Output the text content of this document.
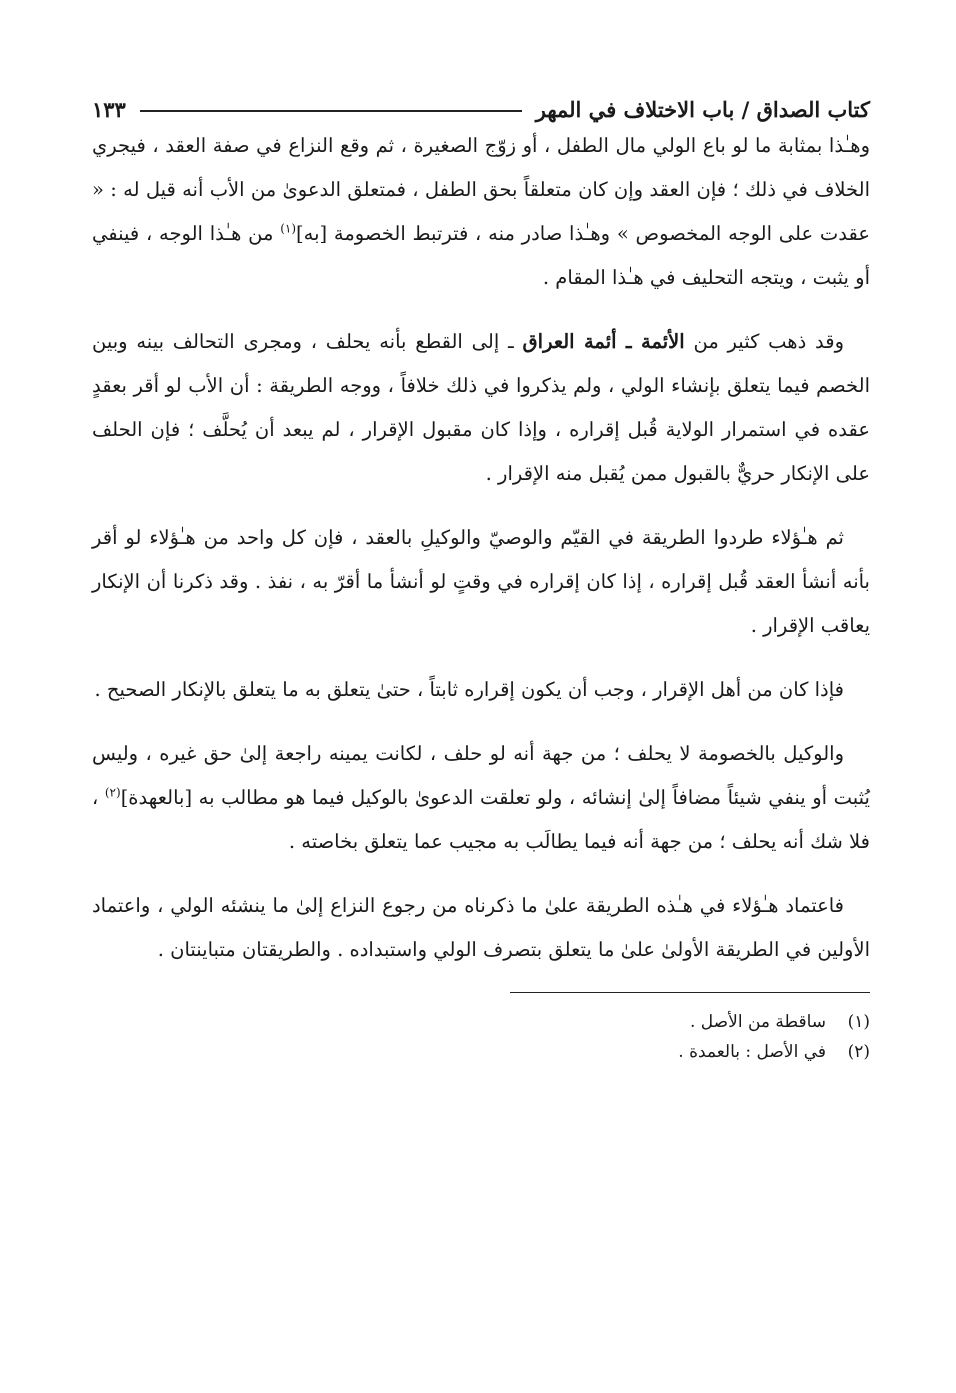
كتاب الصداق / باب الاختلاف في المهر
١٣٣

وهـٰذا بمثابة ما لو باع الولي مال الطفل ، أو زوّج الصغيرة ، ثم وقع النزاع في صفة العقد ، فيجري الخلاف في ذلك ؛ فإن العقد وإن كان متعلقاً بحق الطفل ، فمتعلق الدعوىٰ من الأب أنه قيل له : « عقدت على الوجه المخصوص » وهـٰذا صادر منه ، فترتبط الخصومة [به]$^{(١)}$ من هـٰذا الوجه ، فينفي أو يثبت ، ويتجه التحليف في هـٰذا المقام .

وقد ذهب كثير من الأئمة ـ أئمة العراق ـ إلى القطع بأنه يحلف ، ومجرى التحالف بينه وبين الخصم فيما يتعلق بإنشاء الولي ، ولم يذكروا في ذلك خلافاً ، ووجه الطريقة : أن الأب لو أقر بعقدٍ عقده في استمرار الولاية قُبل إقراره ، وإذا كان مقبول الإقرار ، لم يبعد أن يُحلَّف ؛ فإن الحلف على الإنكار حريٌّ بالقبول ممن يُقبل منه الإقرار .

ثم هـٰؤلاء طردوا الطريقة في القيّم والوصيّ والوكيلِ بالعقد ، فإن كل واحد من هـٰؤلاء لو أقر بأنه أنشأ العقد قُبل إقراره ، إذا كان إقراره في وقتٍ لو أنشأ ما أقرّ به ، نفذ . وقد ذكرنا أن الإنكار يعاقب الإقرار .

فإذا كان من أهل الإقرار ، وجب أن يكون إقراره ثابتاً ، حتىٰ يتعلق به ما يتعلق بالإنكار الصحيح .

والوكيل بالخصومة لا يحلف ؛ من جهة أنه لو حلف ، لكانت يمينه راجعة إلىٰ حق غيره ، وليس يُثبت أو ينفي شيئاً مضافاً إلىٰ إنشائه ، ولو تعلقت الدعوىٰ بالوكيل فيما هو مطالب به [بالعهدة]$^{(٢)}$ ، فلا شك أنه يحلف ؛ من جهة أنه فيما يطالَب به مجيب عما يتعلق بخاصته .

فاعتماد هـٰؤلاء في هـٰذه الطريقة علىٰ ما ذكرناه من رجوع النزاع إلىٰ ما ينشئه الولي ، واعتماد الأولين في الطريقة الأولىٰ علىٰ ما يتعلق بتصرف الولي واستبداده . والطريقتان متباينتان .

(١)
ساقطة من الأصل .
(٢)
في الأصل : بالعمدة .
